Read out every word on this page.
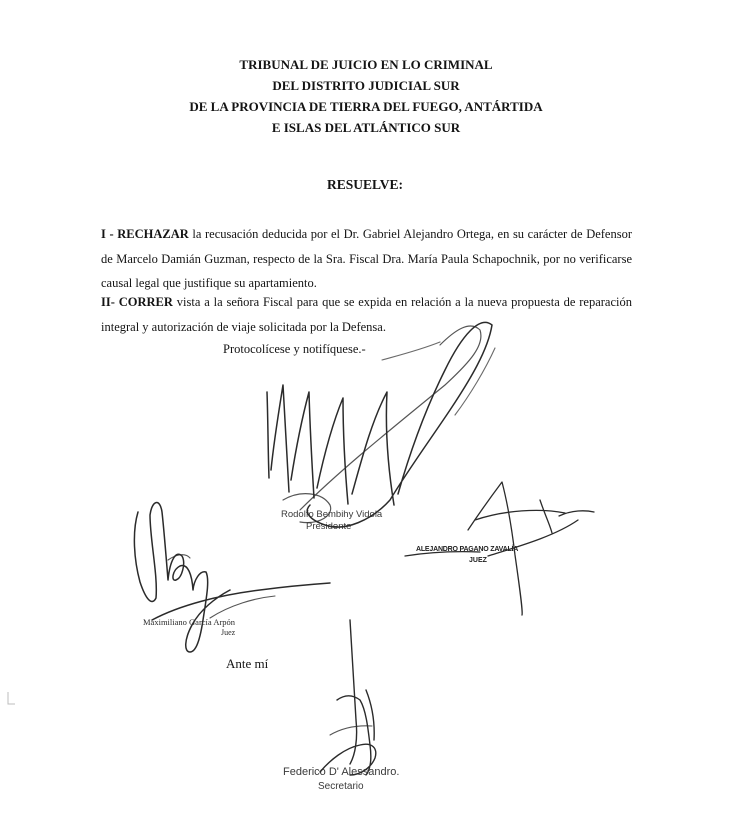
TRIBUNAL DE JUICIO EN LO CRIMINAL
DEL DISTRITO JUDICIAL SUR
DE LA PROVINCIA DE TIERRA DEL FUEGO, ANTÁRTIDA
E ISLAS DEL ATLÁNTICO SUR
RESUELVE:
I - RECHAZAR la recusación deducida por el Dr. Gabriel Alejandro Ortega, en su carácter de Defensor de Marcelo Damián Guzman, respecto de la Sra. Fiscal Dra. María Paula Schapochnik, por no verificarse causal legal que justifique su apartamiento.
II- CORRER vista a la señora Fiscal para que se expida en relación a la nueva propuesta de reparación integral y autorización de viaje solicitada por la Defensa.
Protocolícese y notifíquese.-
Rodolfo Bembihy Vidola
Presidente
ALEJANDRO PAGANO ZAVALÍA
JUEZ
Maximiliano García Arpón
Juez
Ante mí
Federico D' Alessandro.
Secretario
